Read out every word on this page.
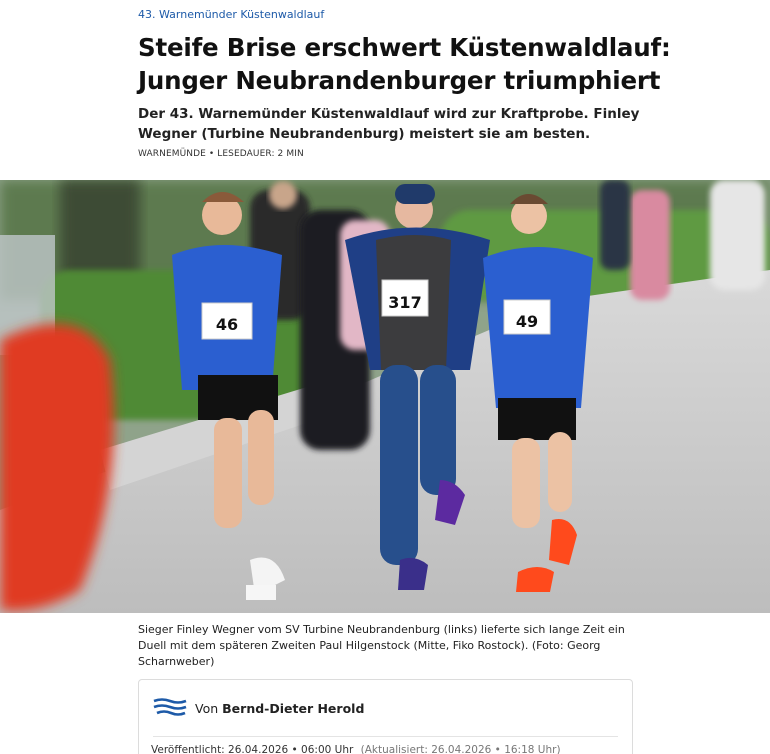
43. Warnemünder Küstenwaldlauf
Steife Brise erschwert Küstenwaldlauf:
Junger Neubrandenburger triumphiert

Der 43. Warnemünder Küstenwaldlauf wird zur Kraftprobe. Finley Wegner (Turbine Neubrandenburg) meistert sie am besten.

WARNEMÜNDE • LESEDAUER: 2 MIN
46
317
49

Sieger Finley Wegner vom SV Turbine Neubrandenburg (links) lieferte sich lange Zeit ein Duell mit dem späteren Zweiten Paul Hilgenstock (Mitte, Fiko Rostock). (Foto: Georg Scharnweber)

Von Bernd-Dieter Herold
Veröffentlicht: 26.04.2026 • 06:00 Uhr (Aktualisiert: 26.04.2026 • 16:18 Uhr)
